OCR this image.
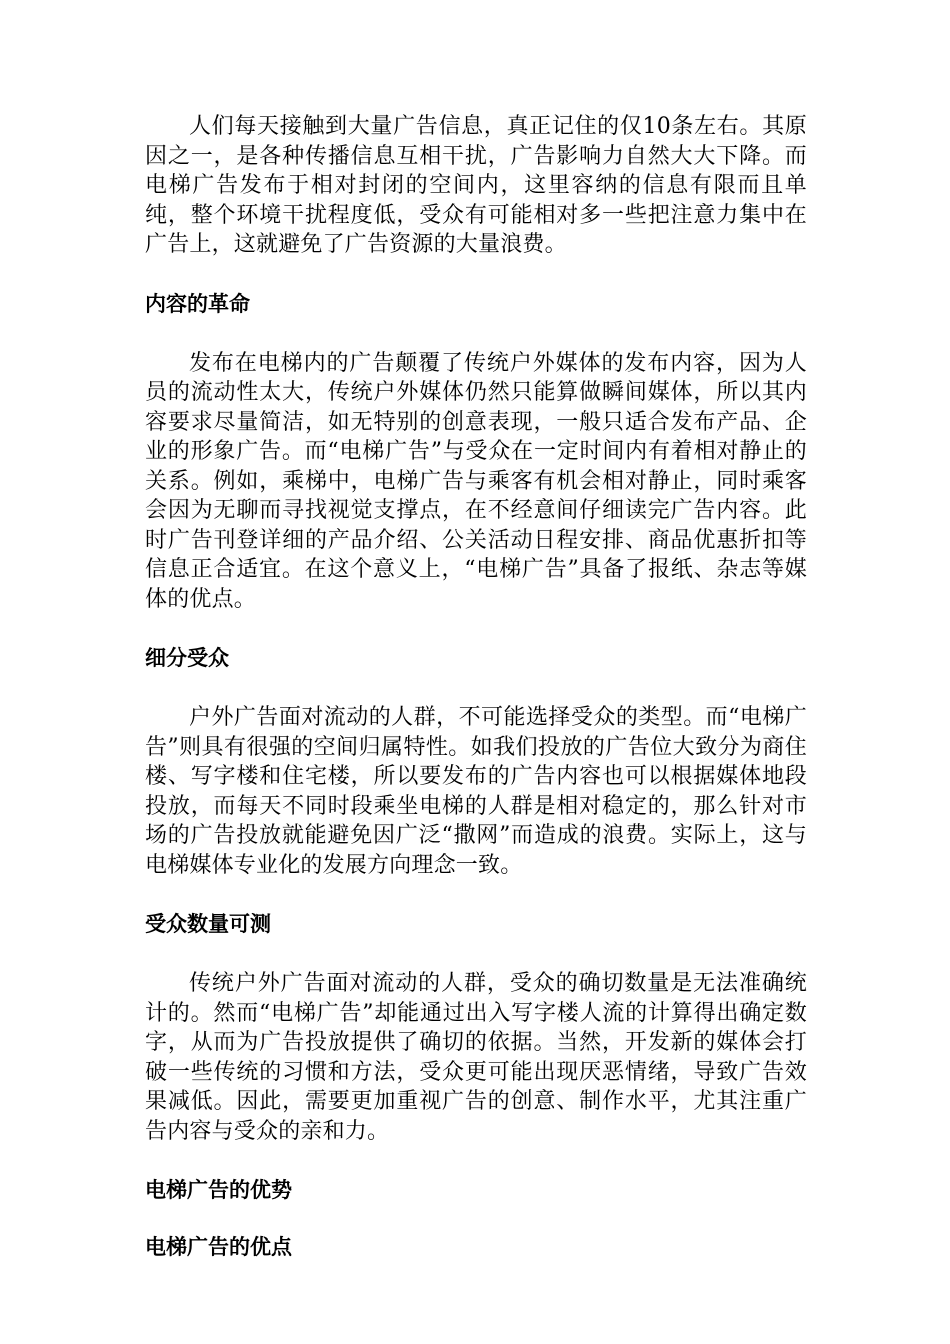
人们每天接触到大量广告信息，真正记住的仅10条左右。其原因之一，是各种传播信息互相干扰，广告影响力自然大大下降。而电梯广告发布于相对封闭的空间内，这里容纳的信息有限而且单纯，整个环境干扰程度低，受众有可能相对多一些把注意力集中在广告上，这就避免了广告资源的大量浪费。

内容的革命

发布在电梯内的广告颠覆了传统户外媒体的发布内容，因为人员的流动性太大，传统户外媒体仍然只能算做瞬间媒体，所以其内容要求尽量简洁，如无特别的创意表现，一般只适合发布产品、企业的形象广告。而“电梯广告”与受众在一定时间内有着相对静止的关系。例如，乘梯中，电梯广告与乘客有机会相对静止，同时乘客会因为无聊而寻找视觉支撑点，在不经意间仔细读完广告内容。此时广告刊登详细的产品介绍、公关活动日程安排、商品优惠折扣等信息正合适宜。在这个意义上，“电梯广告”具备了报纸、杂志等媒体的优点。

细分受众

户外广告面对流动的人群，不可能选择受众的类型。而“电梯广告”则具有很强的空间归属特性。如我们投放的广告位大致分为商住楼、写字楼和住宅楼，所以要发布的广告内容也可以根据媒体地段投放，而每天不同时段乘坐电梯的人群是相对稳定的，那么针对市场的广告投放就能避免因广泛“撒网”而造成的浪费。实际上，这与电梯媒体专业化的发展方向理念一致。

受众数量可测

传统户外广告面对流动的人群，受众的确切数量是无法准确统计的。然而“电梯广告”却能通过出入写字楼人流的计算得出确定数字，从而为广告投放提供了确切的依据。当然，开发新的媒体会打破一些传统的习惯和方法，受众更可能出现厌恶情绪，导致广告效果减低。因此，需要更加重视广告的创意、制作水平，尤其注重广告内容与受众的亲和力。

电梯广告的优势
电梯广告的优点
